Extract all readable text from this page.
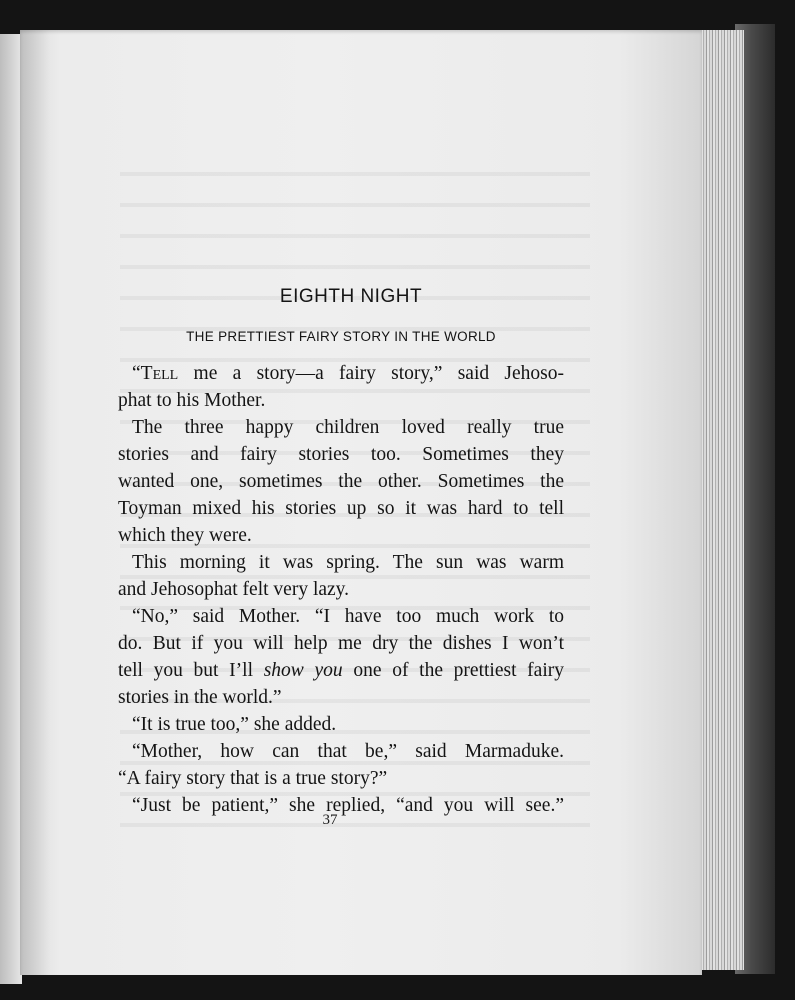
EIGHTH NIGHT
THE PRETTIEST FAIRY STORY IN THE WORLD

“Tell me a story—a fairy story,” said Jehoso-
phat to his Mother.

The three happy children loved really true
stories and fairy stories too. Sometimes they
wanted one, sometimes the other. Sometimes the
Toyman mixed his stories up so it was hard to tell
which they were.

This morning it was spring. The sun was warm
and Jehosophat felt very lazy.

“No,” said Mother. “I have too much work to
do. But if you will help me dry the dishes I won’t
tell you but I’ll show you one of the prettiest fairy
stories in the world.”

“It is true too,” she added.

“Mother, how can that be,” said Marmaduke.
“A fairy story that is a true story?”

“Just be patient,” she replied, “and you will see.”

37
